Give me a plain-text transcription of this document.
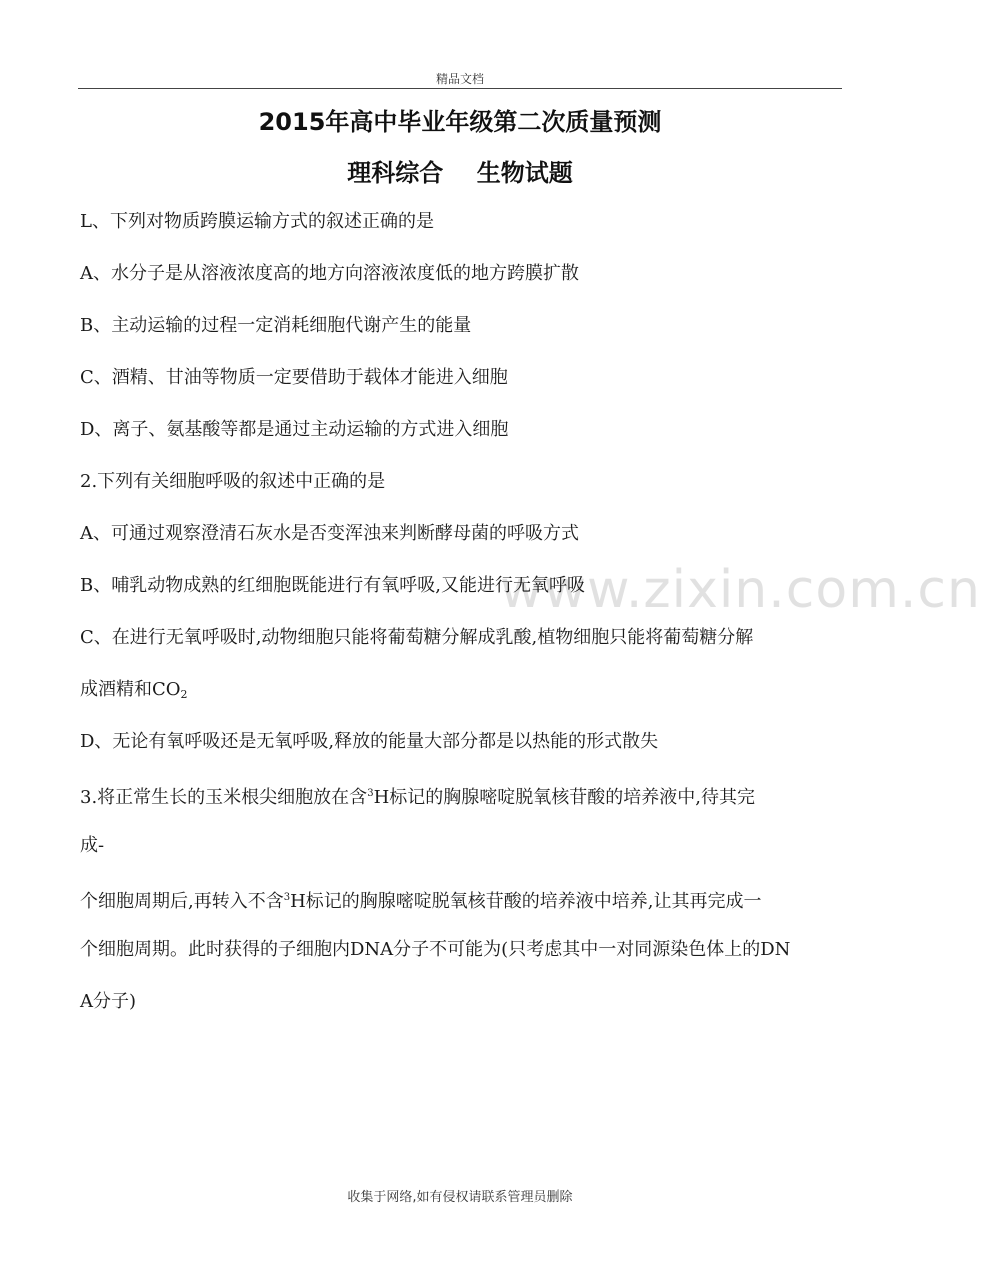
精品文档
2015年高中毕业年级第二次质量预测
理科综合    生物试题
www.zixin.com.cn
L、下列对物质跨膜运输方式的叙述正确的是
A、水分子是从溶液浓度高的地方向溶液浓度低的地方跨膜扩散
B、主动运输的过程一定消耗细胞代谢产生的能量
C、酒精、甘油等物质一定要借助于载体才能进入细胞
D、离子、氨基酸等都是通过主动运输的方式进入细胞
2.下列有关细胞呼吸的叙述中正确的是
A、可通过观察澄清石灰水是否变浑浊来判断酵母菌的呼吸方式
B、哺乳动物成熟的红细胞既能进行有氧呼吸,又能进行无氧呼吸
C、在进行无氧呼吸时,动物细胞只能将葡萄糖分解成乳酸,植物细胞只能将葡萄糖分解
成酒精和CO2
D、无论有氧呼吸还是无氧呼吸,释放的能量大部分都是以热能的形式散失
3.将正常生长的玉米根尖细胞放在含$^3$H标记的胸腺嘧啶脱氧核苷酸的培养液中,待其完
成-
个细胞周期后,再转入不含$^3$H标记的胸腺嘧啶脱氧核苷酸的培养液中培养,让其再完成一
个细胞周期。此时获得的子细胞内DNA分子不可能为(只考虑其中一对同源染色体上的DN
A分子)
收集于网络,如有侵权请联系管理员删除
